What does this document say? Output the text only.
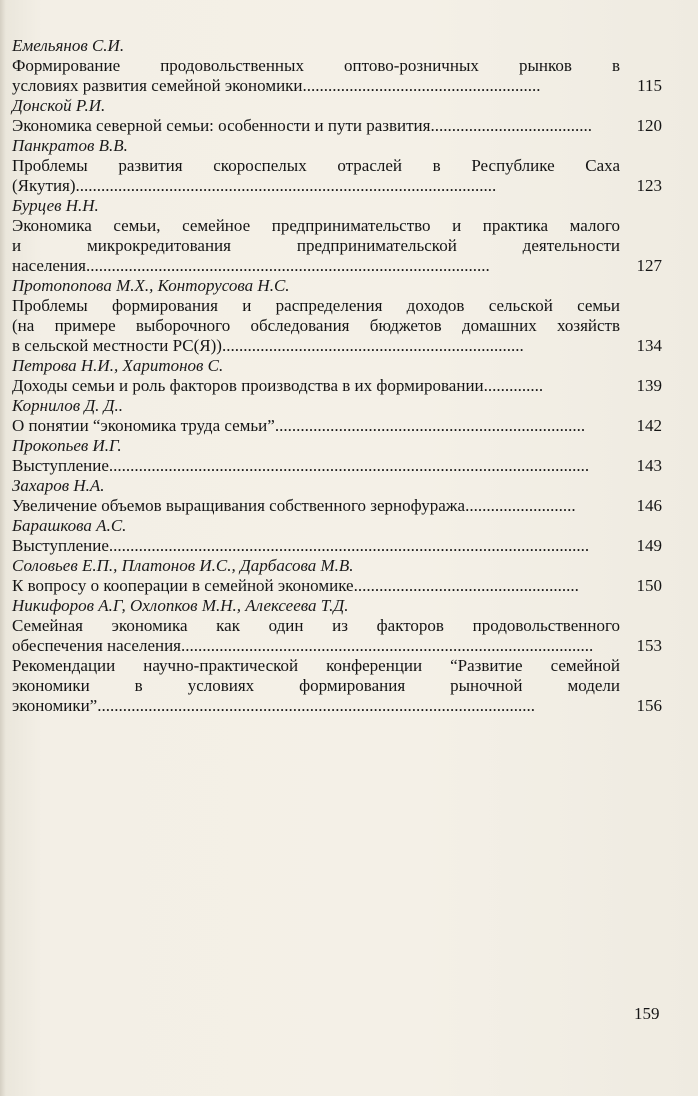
Емельянов С.И.
Формирование продовольственных оптово-розничных рынков в
условиях развития семейной экономики........................................................	115
Донской Р.И.
Экономика северной семьи: особенности и пути развития......................................	120
Панкратов В.В.
Проблемы развития скороспелых отраслей в Республике Саха
(Якутия)...................................................................................................	123
Бурцев Н.Н.
Экономика семьи, семейное предпринимательство и практика малого
и микрокредитования предпринимательской деятельности
населения...............................................................................................	127
Протопопова М.Х., Конторусова Н.С.
Проблемы формирования и распределения доходов сельской семьи
(на примере выборочного обследования бюджетов домашних хозяйств
в сельской местности РС(Я)).......................................................................	134
Петрова Н.И., Харитонов С.
Доходы семьи и роль факторов производства в их формировании..............	139
Корнилов Д. Д..
О понятии “экономика труда семьи”.........................................................................	142
Прокопьев И.Г.
Выступление.................................................................................................................	143
Захаров Н.А.
Увеличение объемов выращивания собственного зернофуража..........................	146
Барашкова А.С.
Выступление.................................................................................................................	149
Соловьев Е.П., Платонов И.С., Дарбасова М.В.
К вопросу о кооперации в семейной экономике.....................................................	150
Никифоров А.Г, Охлопков М.Н., Алексеева Т.Д.
Семейная экономика как один из факторов продовольственного
обеспечения населения.................................................................................................	153
Рекомендации научно-практической конференции “Развитие семейной
экономики в условиях формирования рыночной модели
экономики”.......................................................................................................	156
159
